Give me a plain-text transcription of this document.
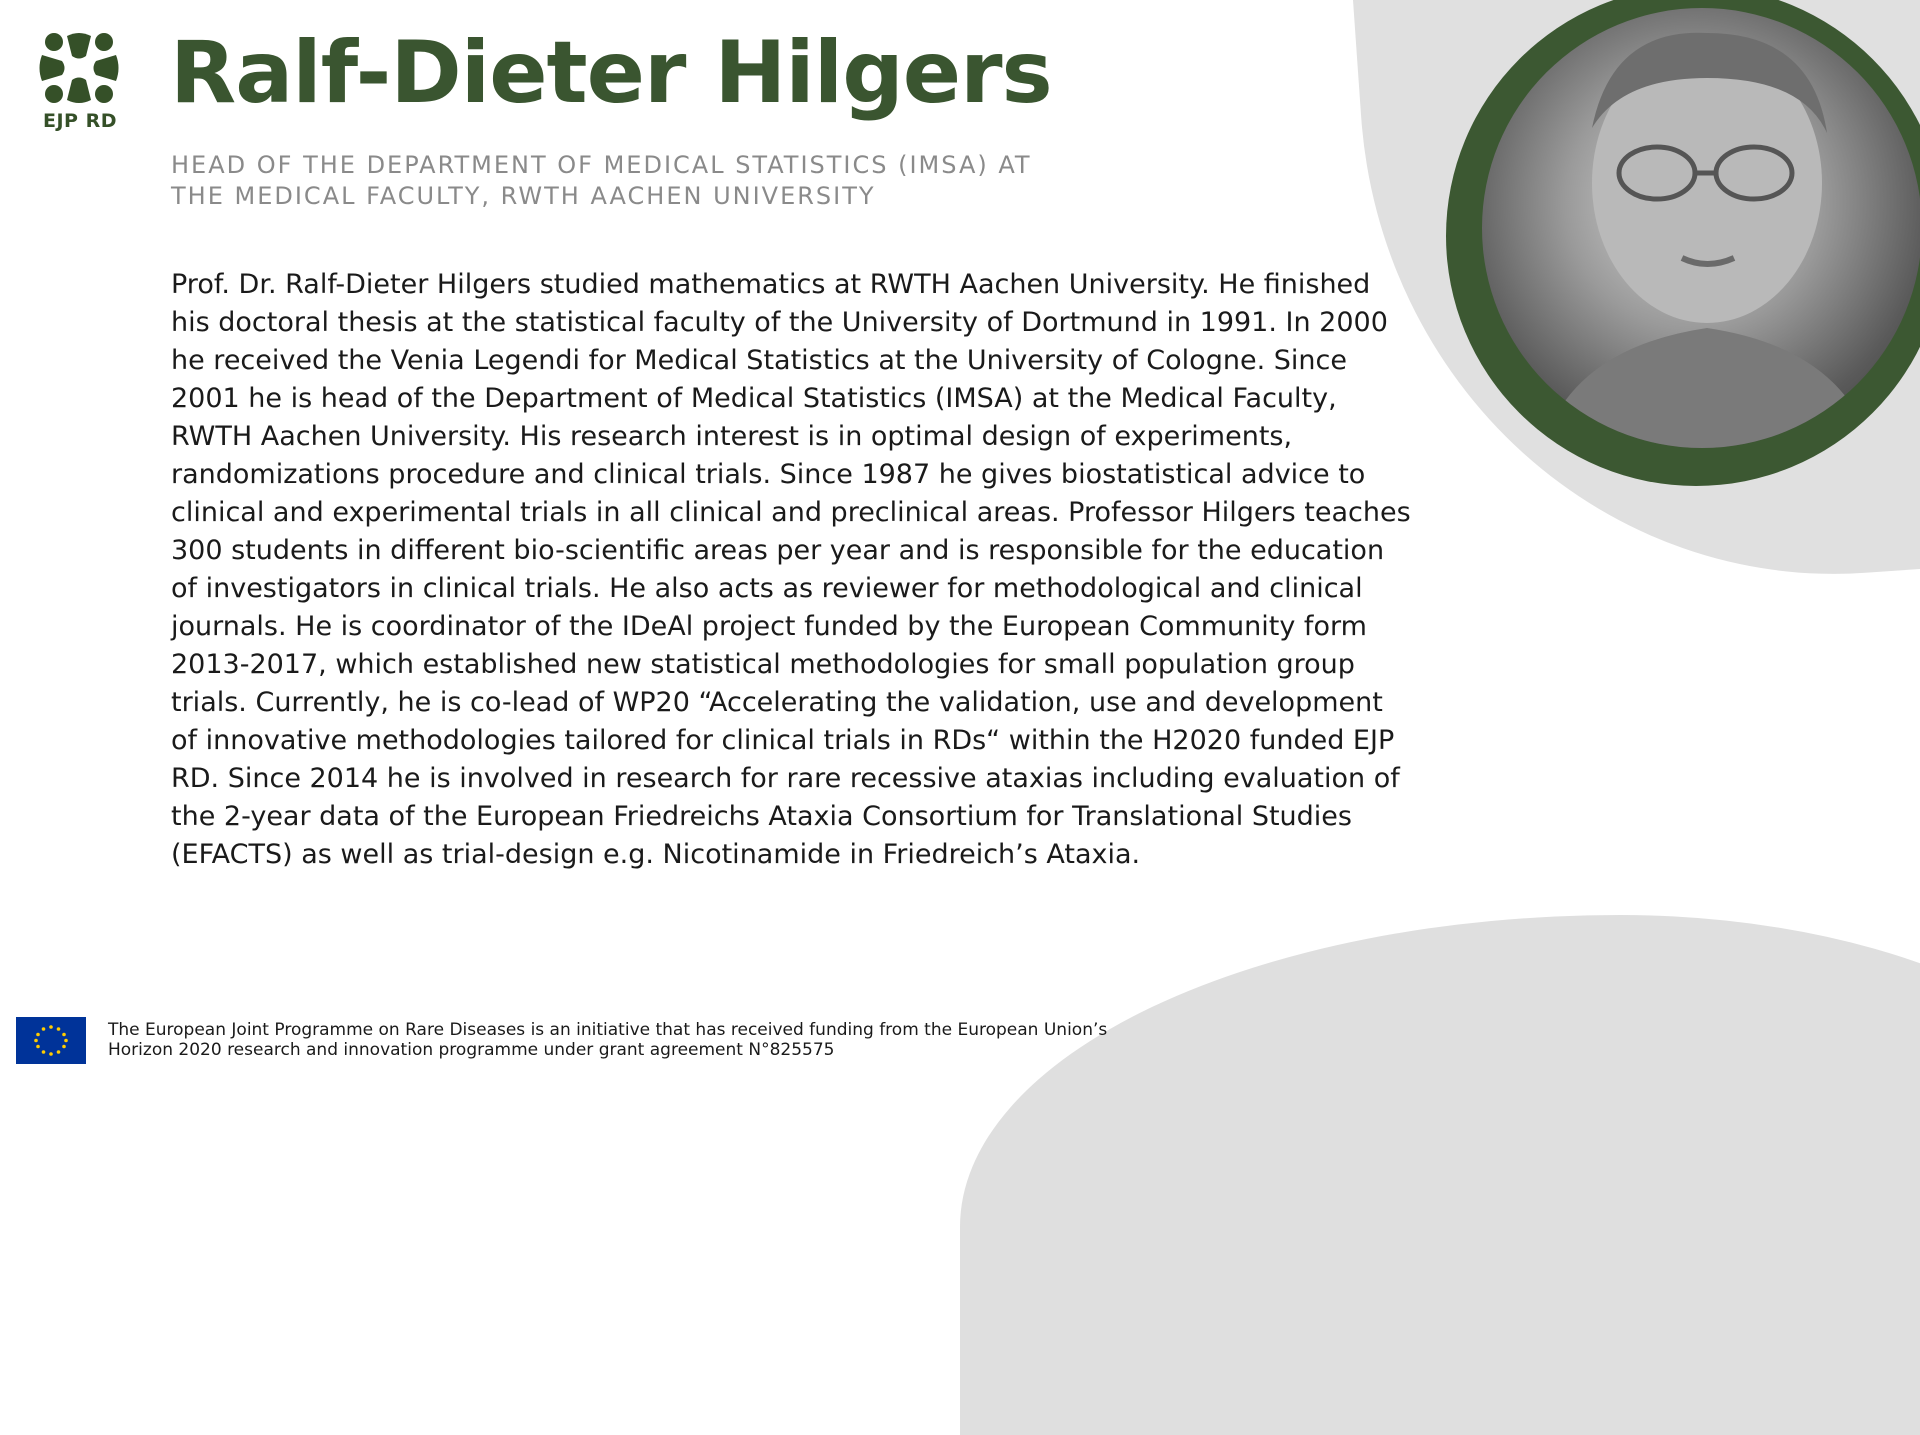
EJP RD Ralf-Dieter Hilgers
HEAD OF THE DEPARTMENT OF MEDICAL STATISTICS (IMSA) AT
THE MEDICAL FACULTY, RWTH AACHEN UNIVERSITY

Prof. Dr. Ralf-Dieter Hilgers studied mathematics at RWTH Aachen University. He finished his doctoral thesis at the statistical faculty of the University of Dortmund in 1991. In 2000 he received the Venia Legendi for Medical Statistics at the University of Cologne. Since 2001 he is head of the Department of Medical Statistics (IMSA) at the Medical Faculty, RWTH Aachen University. His research interest is in optimal design of experiments, randomizations procedure and clinical trials. Since 1987 he gives biostatistical advice to clinical and experimental trials in all clinical and preclinical areas. Professor Hilgers teaches 300 students in different bio-scientific areas per year and is responsible for the education of investigators in clinical trials. He also acts as reviewer for methodological and clinical journals. He is coordinator of the IDeAl project funded by the European Community form 2013-2017, which established new statistical methodologies for small population group trials. Currently, he is co-lead of WP20 “Accelerating the validation, use and development of innovative methodologies tailored for clinical trials in RDs“ within the H2020 funded EJP RD. Since 2014 he is involved in research for rare recessive ataxias including evaluation of the 2-year data of the European Friedreichs Ataxia Consortium for Translational Studies (EFACTS) as well as trial-design e.g. Nicotinamide in Friedreich’s Ataxia.

The European Joint Programme on Rare Diseases is an initiative that has received funding from the European Union’s
Horizon 2020 research and innovation programme under grant agreement N°825575
